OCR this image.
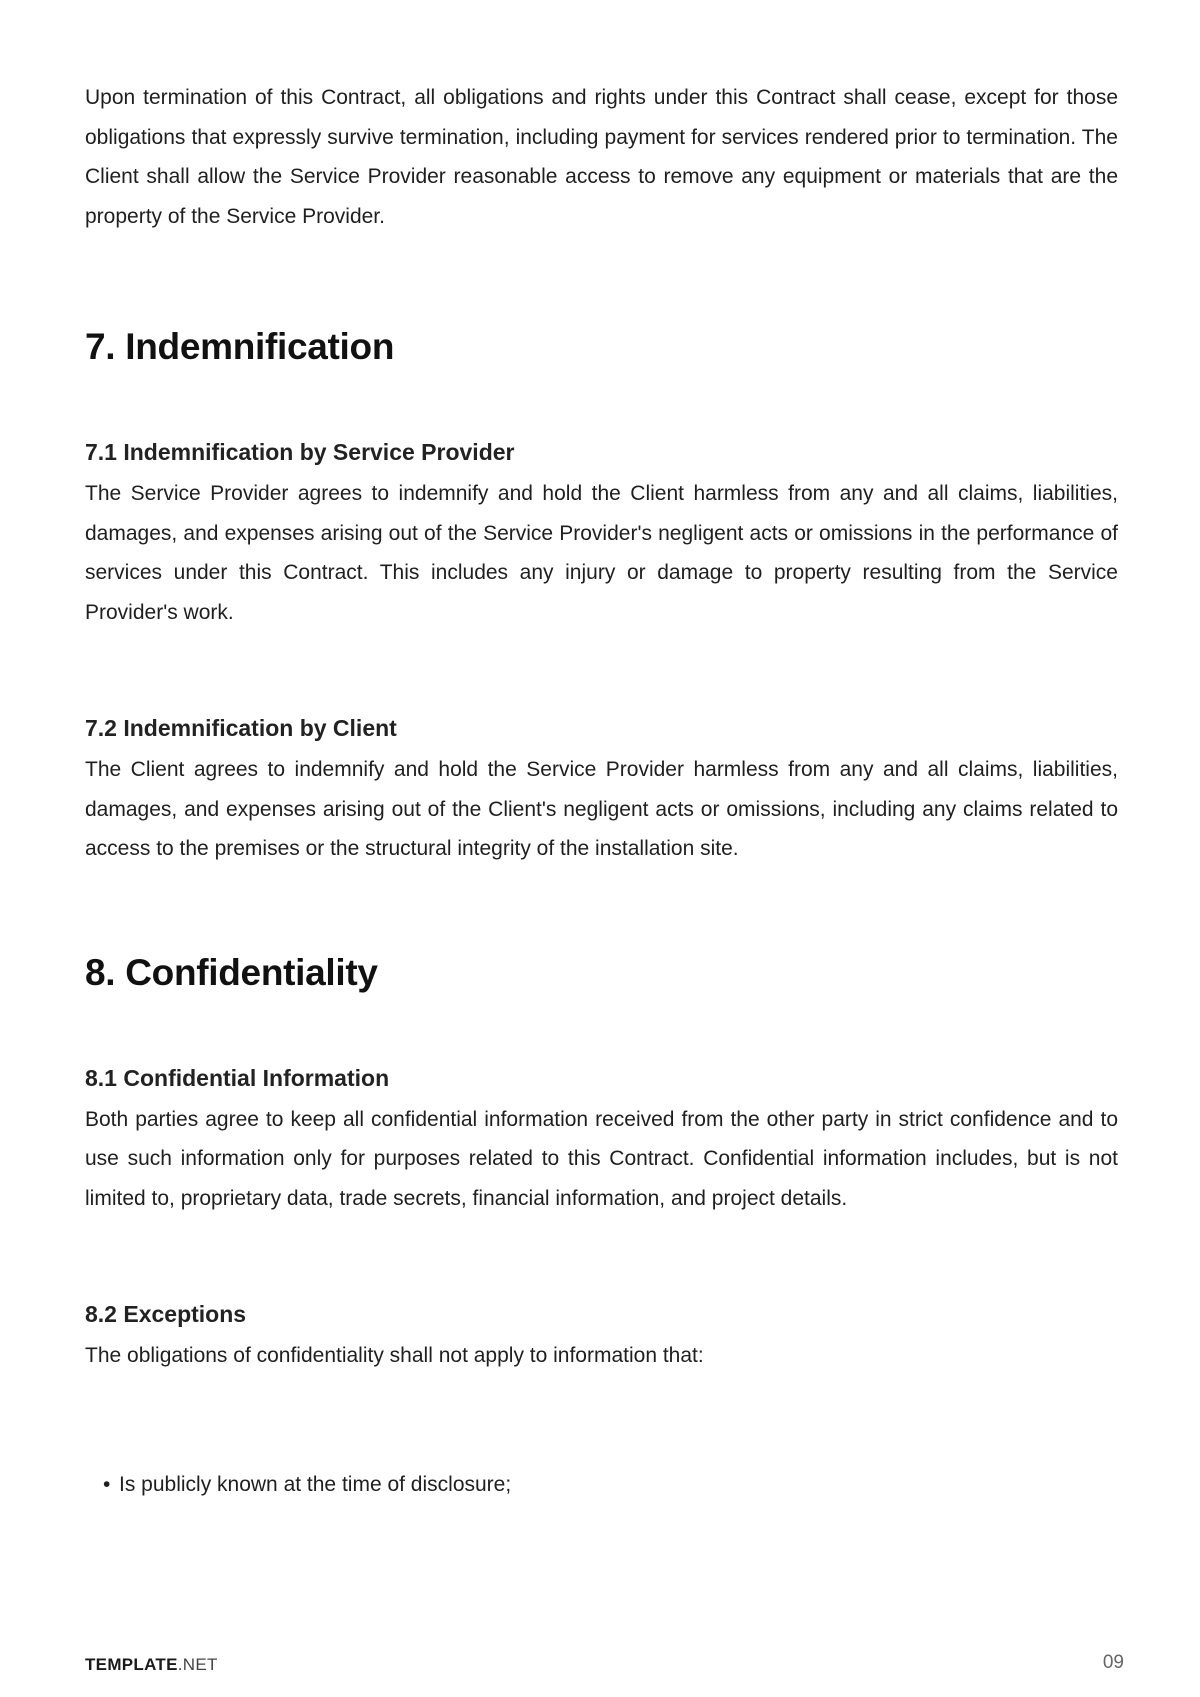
Upon termination of this Contract, all obligations and rights under this Contract shall cease, except for those obligations that expressly survive termination, including payment for services rendered prior to termination. The Client shall allow the Service Provider reasonable access to remove any equipment or materials that are the property of the Service Provider.

7. Indemnification
7.1 Indemnification by Service Provider

The Service Provider agrees to indemnify and hold the Client harmless from any and all claims, liabilities, damages, and expenses arising out of the Service Provider's negligent acts or omissions in the performance of services under this Contract. This includes any injury or damage to property resulting from the Service Provider's work.

7.2 Indemnification by Client

The Client agrees to indemnify and hold the Service Provider harmless from any and all claims, liabilities, damages, and expenses arising out of the Client's negligent acts or omissions, including any claims related to access to the premises or the structural integrity of the installation site.

8. Confidentiality
8.1 Confidential Information

Both parties agree to keep all confidential information received from the other party in strict confidence and to use such information only for purposes related to this Contract. Confidential information includes, but is not limited to, proprietary data, trade secrets, financial information, and project details.

8.2 Exceptions

The obligations of confidentiality shall not apply to information that:

• Is publicly known at the time of disclosure;
TEMPLATE.NET	09
